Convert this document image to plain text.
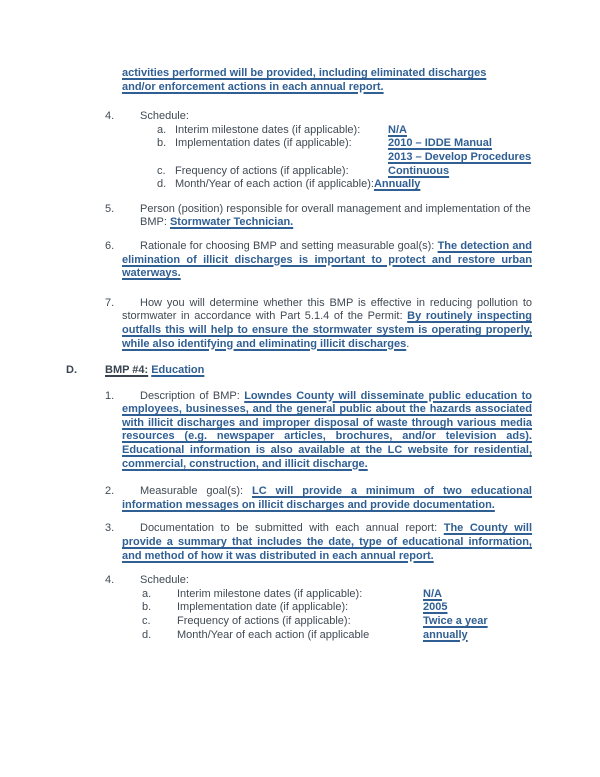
activities performed will be provided, including eliminated discharges and/or enforcement actions in each annual report.
4.	Schedule:
a. Interim milestone dates (if applicable):	N/A
b. Implementation dates (if applicable):	2010 – IDDE Manual
2013 – Develop Procedures
c. Frequency of actions (if applicable):	Continuous
d. Month/Year of each action (if applicable):Annually
5. Person (position) responsible for overall management and implementation of the BMP: Stormwater Technician.
6.	Rationale for choosing BMP and setting measurable goal(s): The detection and elimination of illicit discharges is important to protect and restore urban waterways.
7.	How you will determine whether this BMP is effective in reducing pollution to stormwater in accordance with Part 5.1.4 of the Permit: By routinely inspecting outfalls this will help to ensure the stormwater system is operating properly, while also identifying and eliminating illicit discharges.
D.	BMP #4: Education
1.	Description of BMP: Lowndes County will disseminate public education to employees, businesses, and the general public about the hazards associated with illicit discharges and improper disposal of waste through various media resources (e.g. newspaper articles, brochures, and/or television ads). Educational information is also available at the LC website for residential, commercial, construction, and illicit discharge.
2.	Measurable goal(s): LC will provide a minimum of two educational information messages on illicit discharges and provide documentation.
3.	Documentation to be submitted with each annual report: The County will provide a summary that includes the date, type of educational information, and method of how it was distributed in each annual report.
4.	Schedule:
a. Interim milestone dates (if applicable):	N/A
b. Implementation date (if applicable):	2005
c. Frequency of actions (if applicable):	Twice a year
d. Month/Year of each action (if applicable	annually
